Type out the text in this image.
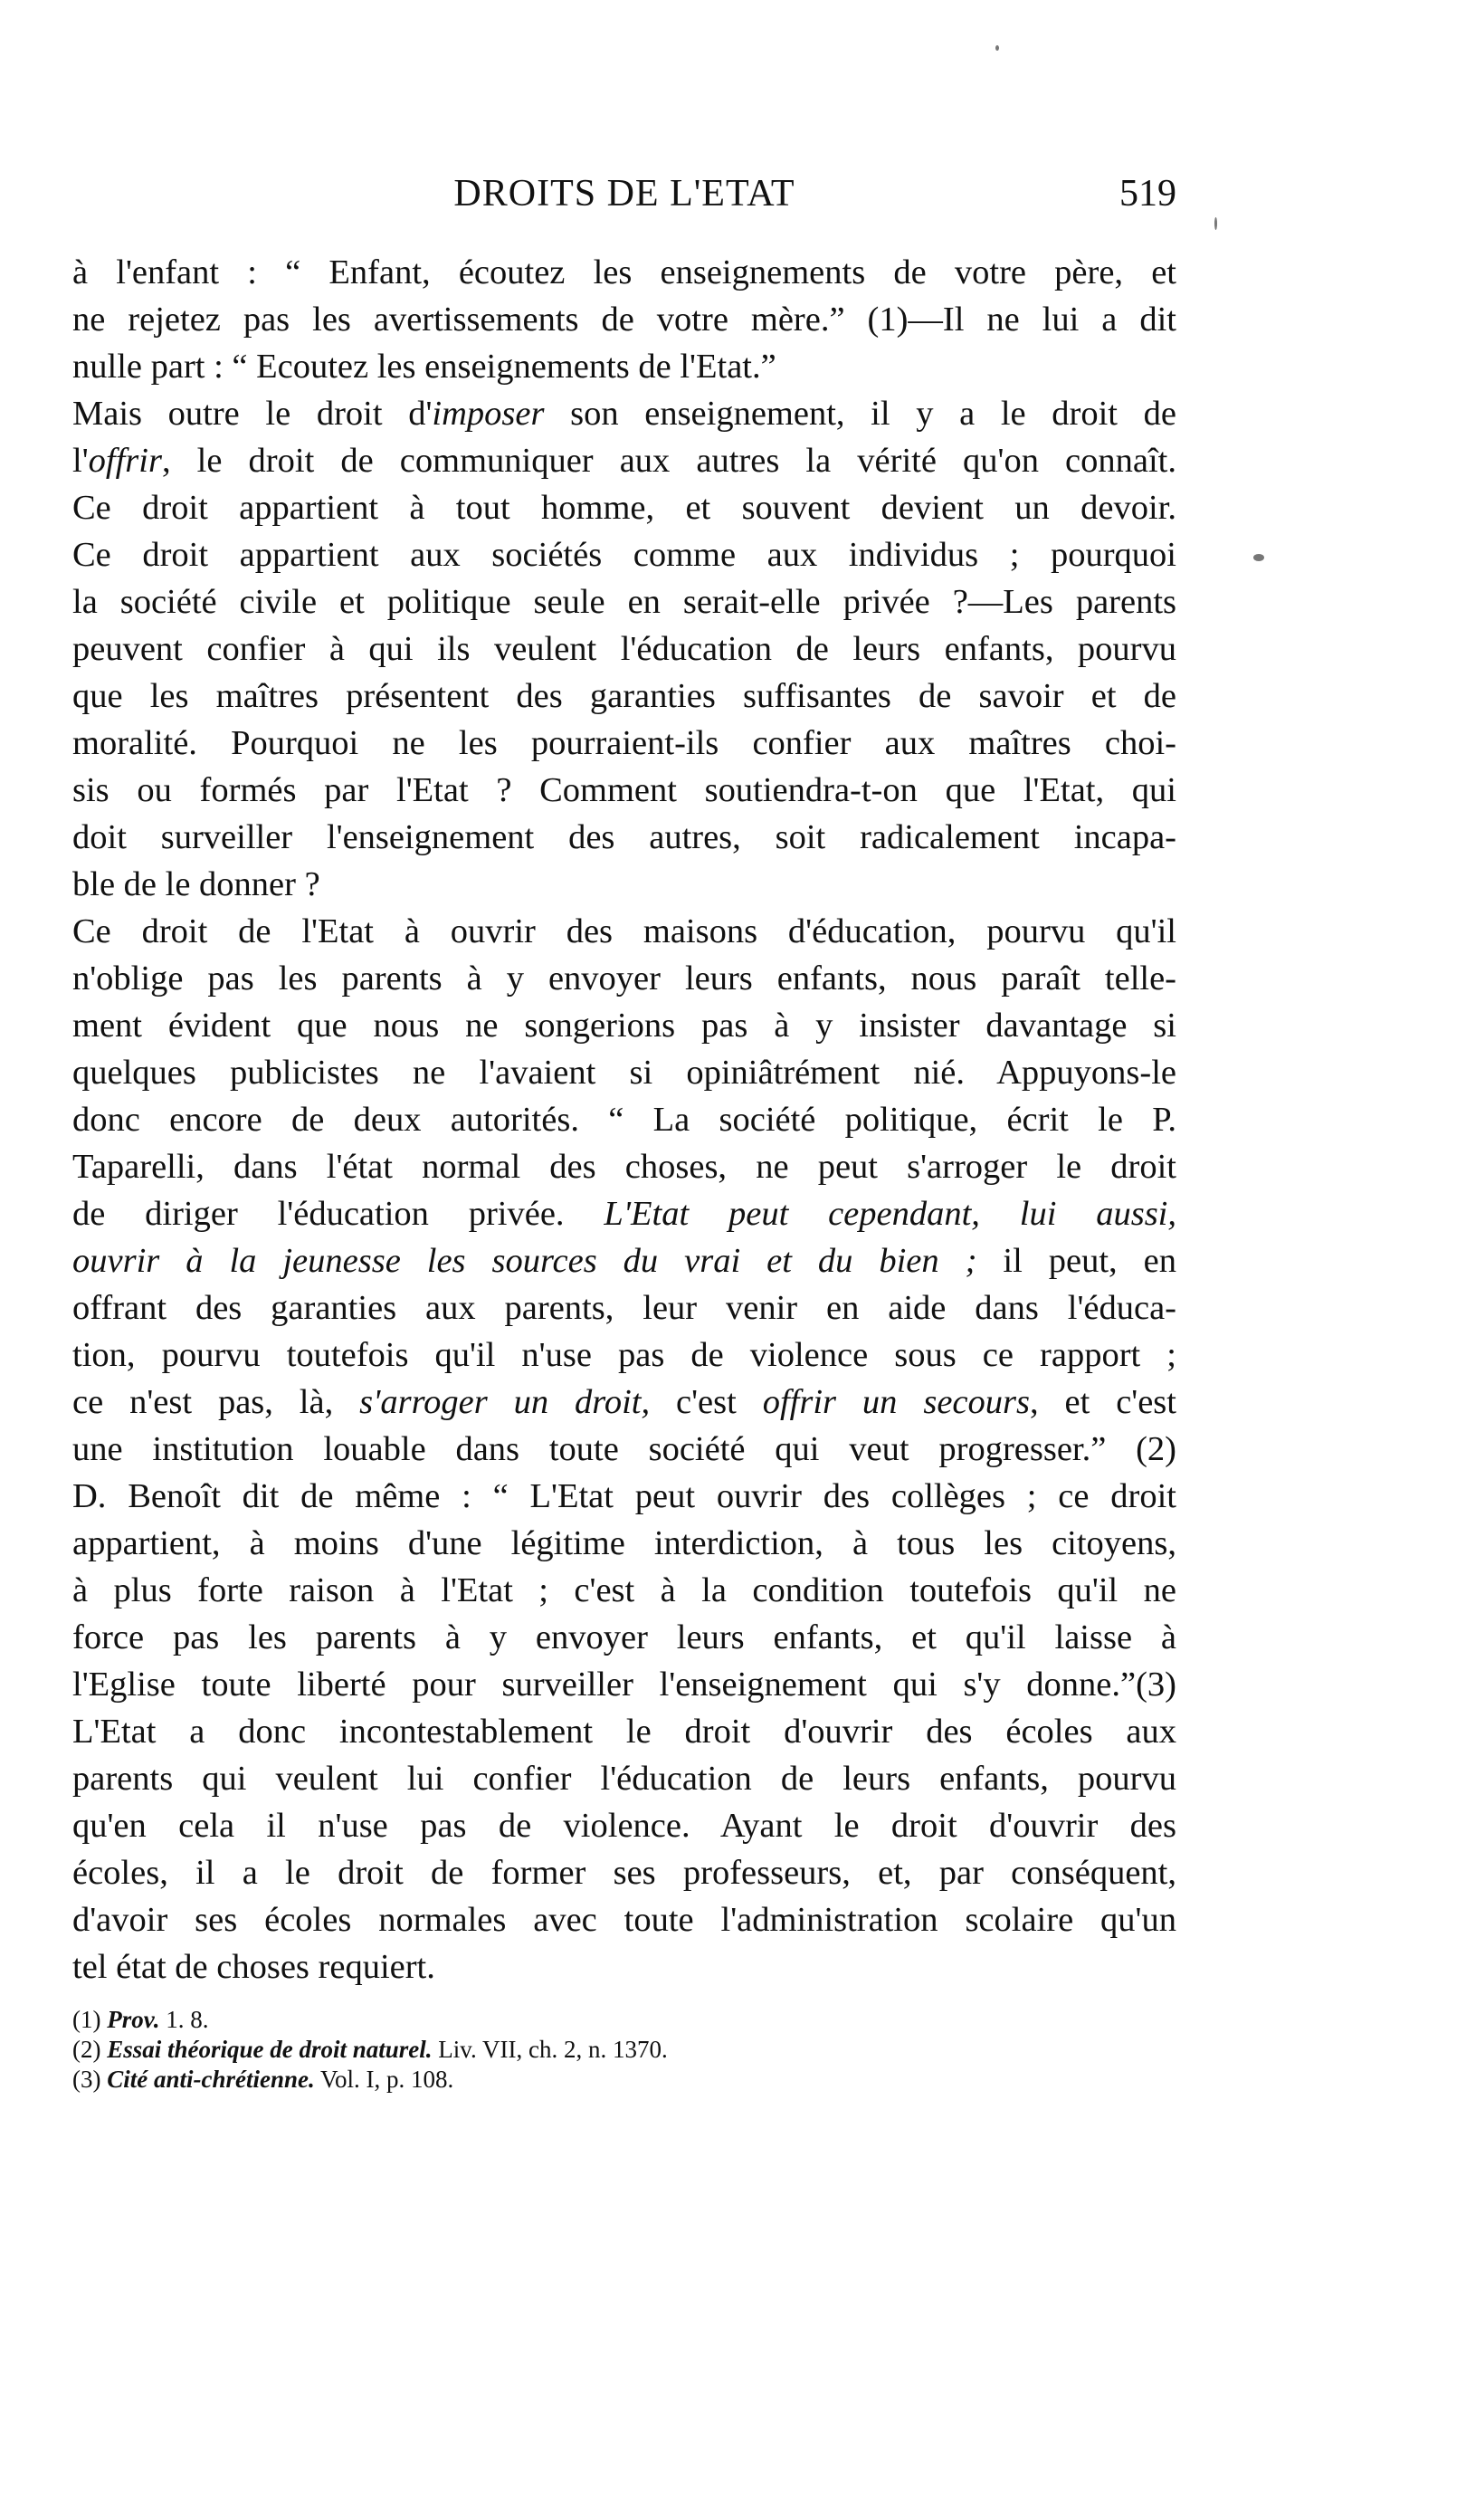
DROITS DE L'ETAT	519
à l'enfant : “ Enfant, écoutez les enseignements de votre père, et
ne rejetez pas les avertissements de votre mère.” (1)—Il ne lui a dit
nulle part : “ Ecoutez les enseignements de l'Etat.”
Mais outre le droit d'imposer son enseignement, il y a le droit de
l'offrir, le droit de communiquer aux autres la vérité qu'on connaît.
Ce droit appartient à tout homme, et souvent devient un devoir.
Ce droit appartient aux sociétés comme aux individus ; pourquoi
la société civile et politique seule en serait-elle privée ?—Les parents
peuvent confier à qui ils veulent l'éducation de leurs enfants, pourvu
que les maîtres présentent des garanties suffisantes de savoir et de
moralité. Pourquoi ne les pourraient-ils confier aux maîtres choi-
sis ou formés par l'Etat ? Comment soutiendra-t-on que l'Etat, qui
doit surveiller l'enseignement des autres, soit radicalement incapa-
ble de le donner ?
Ce droit de l'Etat à ouvrir des maisons d'éducation, pourvu qu'il
n'oblige pas les parents à y envoyer leurs enfants, nous paraît telle-
ment évident que nous ne songerions pas à y insister davantage si
quelques publicistes ne l'avaient si opiniâtrément nié. Appuyons-le
donc encore de deux autorités. “ La société politique, écrit le P.
Taparelli, dans l'état normal des choses, ne peut s'arroger le droit
de diriger l'éducation privée. L'Etat peut cependant, lui aussi,
ouvrir à la jeunesse les sources du vrai et du bien ; il peut, en
offrant des garanties aux parents, leur venir en aide dans l'éduca-
tion, pourvu toutefois qu'il n'use pas de violence sous ce rapport ;
ce n'est pas, là, s'arroger un droit, c'est offrir un secours, et c'est
une institution louable dans toute société qui veut progresser.” (2)
D. Benoît dit de même : “ L'Etat peut ouvrir des collèges ; ce droit
appartient, à moins d'une légitime interdiction, à tous les citoyens,
à plus forte raison à l'Etat ; c'est à la condition toutefois qu'il ne
force pas les parents à y envoyer leurs enfants, et qu'il laisse à
l'Eglise toute liberté pour surveiller l'enseignement qui s'y donne.”(3)
L'Etat a donc incontestablement le droit d'ouvrir des écoles aux
parents qui veulent lui confier l'éducation de leurs enfants, pourvu
qu'en cela il n'use pas de violence. Ayant le droit d'ouvrir des
écoles, il a le droit de former ses professeurs, et, par conséquent,
d'avoir ses écoles normales avec toute l'administration scolaire qu'un
tel état de choses requiert.
(1) Prov. 1. 8.
(2) Essai théorique de droit naturel. Liv. VII, ch. 2, n. 1370.
(3) Cité anti-chrétienne. Vol. I, p. 108.
